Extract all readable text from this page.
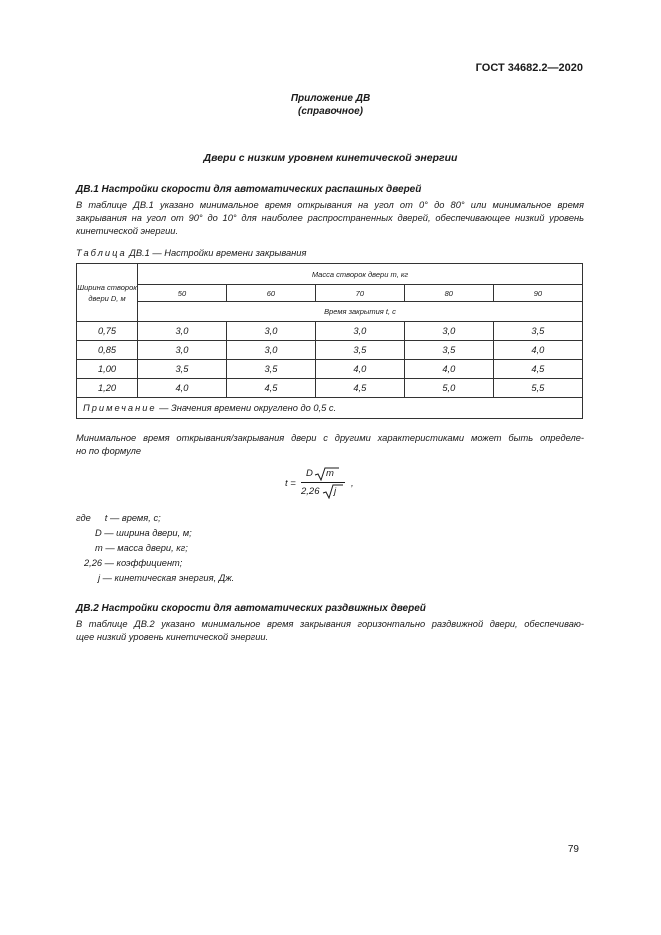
ГОСТ 34682.2—2020
Приложение ДВ
(справочное)
Двери с низким уровнем кинетической энергии
ДВ.1 Настройки скорости для автоматических распашных дверей
В таблице ДВ.1 указано минимальное время открывания на угол от 0° до 80° или минимальное время
закрывания на угол от 90° до 10° для наиболее распространенных дверей, обеспечивающее низкий уровень
кинетической энергии.
Таблица ДВ.1 — Настройки времени закрывания
Ширина створок
двери D, м	Масса створок двери m, кг				
	50	60	70	80	90
	Время закрытия t, с				
0,75	3,0	3,0	3,0	3,0	3,5
0,85	3,0	3,0	3,5	3,5	4,0
1,00	3,5	3,5	4,0	4,0	4,5
1,20	4,0	4,5	4,5	5,0	5,5
Примечание — Значения времени округлено до 0,5 с.					
Минимальное время открывания/закрывания двери с другими характеристиками может быть определе-
но по формуле
t =
D m
2,26 j
,
где t — время, с;
D — ширина двери, м;
m — масса двери, кг;
2,26 — коэффициент;
j — кинетическая энергия, Дж.
ДВ.2 Настройки скорости для автоматических раздвижных дверей
В таблице ДВ.2 указано минимальное время закрывания горизонтально раздвижной двери, обеспечиваю-
щее низкий уровень кинетической энергии.
79
